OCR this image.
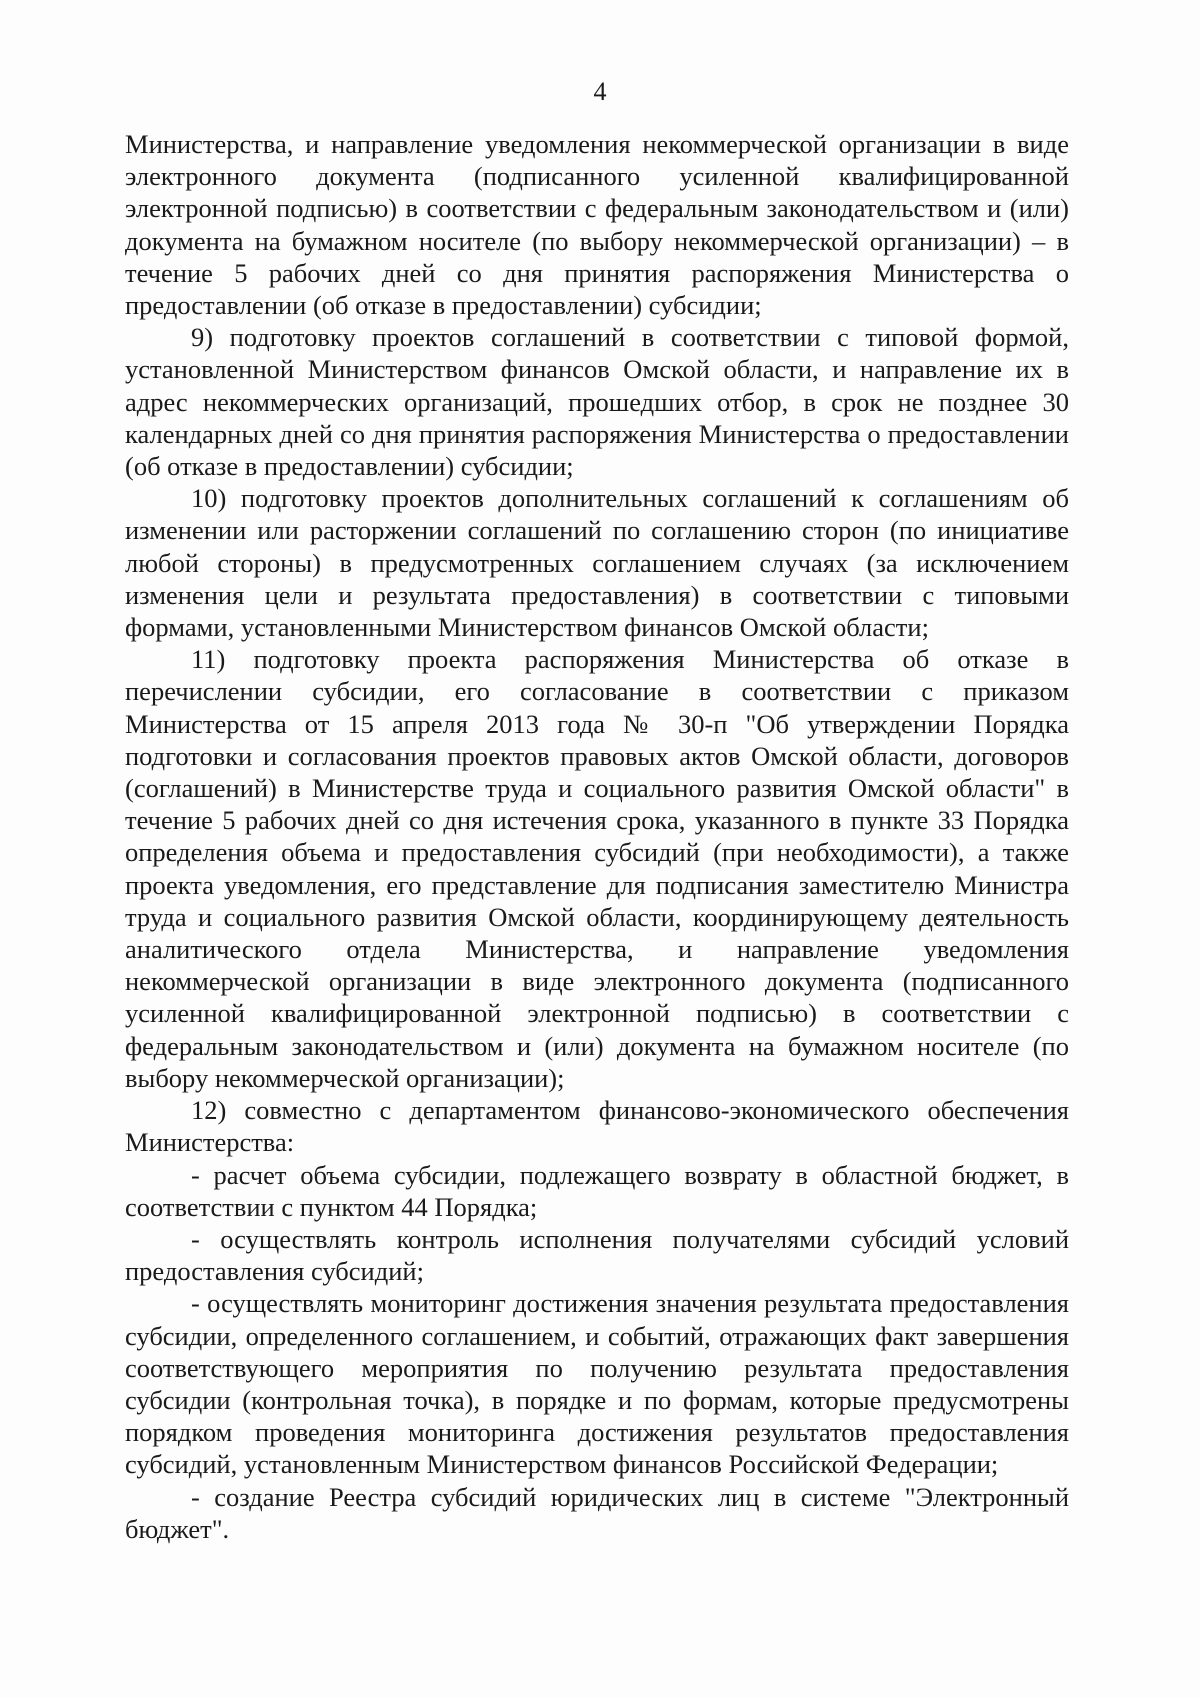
4

Министерства, и направление уведомления некоммерческой организации в виде электронного документа (подписанного усиленной квалифицированной электронной подписью) в соответствии с федеральным законодательством и (или) документа на бумажном носителе (по выбору некоммерческой организации) – в течение 5 рабочих дней со дня принятия распоряжения Министерства о предоставлении (об отказе в предоставлении) субсидии;

9) подготовку проектов соглашений в соответствии с типовой формой, установленной Министерством финансов Омской области, и направление их в адрес некоммерческих организаций, прошедших отбор, в срок не позднее 30 календарных дней со дня принятия распоряжения Министерства о предоставлении (об отказе в предоставлении) субсидии;

10) подготовку проектов дополнительных соглашений к соглашениям об изменении или расторжении соглашений по соглашению сторон (по инициативе любой стороны) в предусмотренных соглашением случаях (за исключением изменения цели и результата предоставления) в соответствии с типовыми формами, установленными Министерством финансов Омской области;

11) подготовку проекта распоряжения Министерства об отказе в перечислении субсидии, его согласование в соответствии с приказом Министерства от 15 апреля 2013 года № 30-п "Об утверждении Порядка подготовки и согласования проектов правовых актов Омской области, договоров (соглашений) в Министерстве труда и социального развития Омской области" в течение 5 рабочих дней со дня истечения срока, указанного в пункте 33 Порядка определения объема и предоставления субсидий (при необходимости), а также проекта уведомления, его представление для подписания заместителю Министра труда и социального развития Омской области, координирующему деятельность аналитического отдела Министерства, и направление уведомления некоммерческой организации в виде электронного документа (подписанного усиленной квалифицированной электронной подписью) в соответствии с федеральным законодательством и (или) документа на бумажном носителе (по выбору некоммерческой организации);

12) совместно с департаментом финансово-экономического обеспечения Министерства:

- расчет объема субсидии, подлежащего возврату в областной бюджет, в соответствии с пунктом 44 Порядка;

- осуществлять контроль исполнения получателями субсидий условий предоставления субсидий;

- осуществлять мониторинг достижения значения результата предоставления субсидии, определенного соглашением, и событий, отражающих факт завершения соответствующего мероприятия по получению результата предоставления субсидии (контрольная точка), в порядке и по формам, которые предусмотрены порядком проведения мониторинга достижения результатов предоставления субсидий, установленным Министерством финансов Российской Федерации;

- создание Реестра субсидий юридических лиц в системе "Электронный бюджет".
